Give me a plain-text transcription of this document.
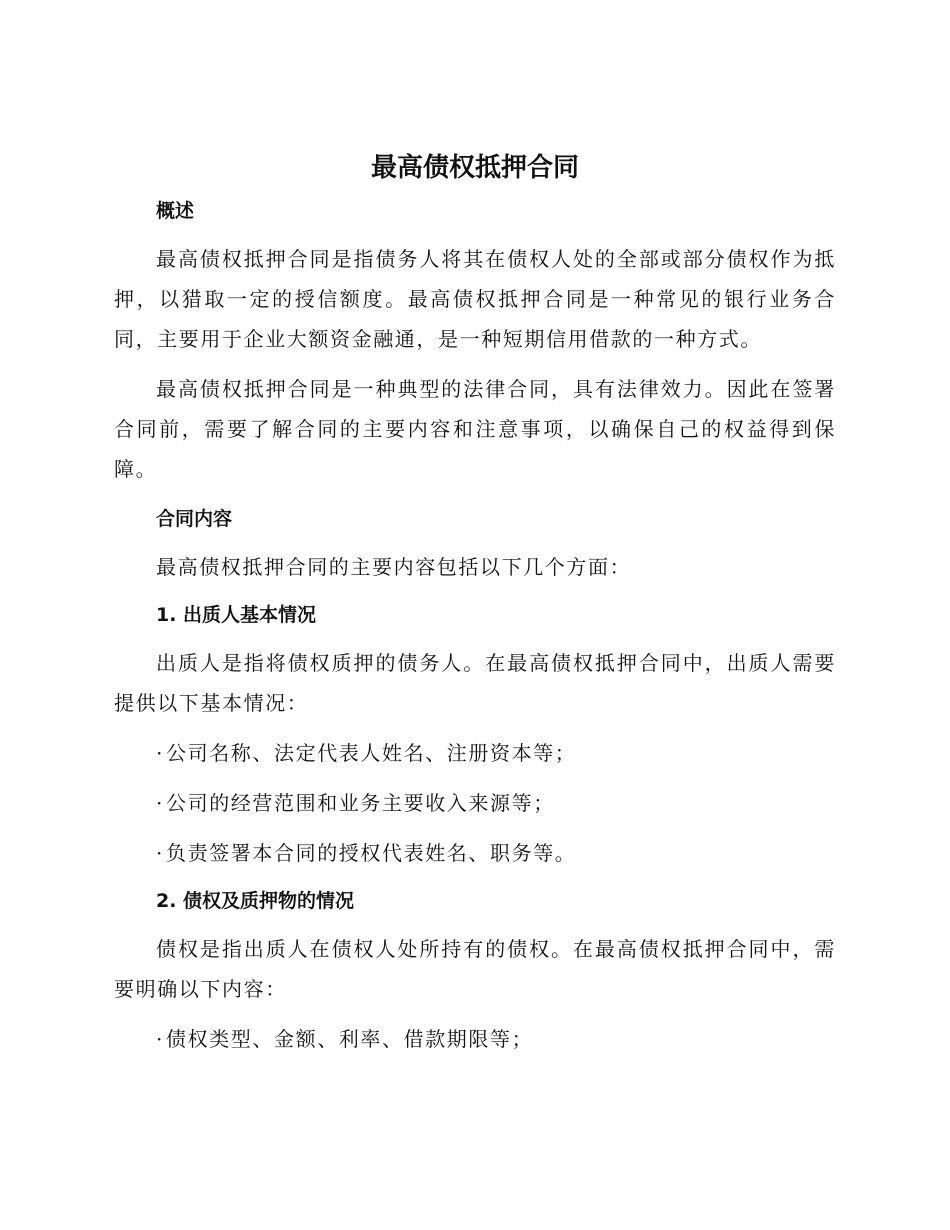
最高债权抵押合同

概述

最高债权抵押合同是指债务人将其在债权人处的全部或部分债权作为抵押，以猎取一定的授信额度。最高债权抵押合同是一种常见的银行业务合同，主要用于企业大额资金融通，是一种短期信用借款的一种方式。

最高债权抵押合同是一种典型的法律合同，具有法律效力。因此在签署合同前，需要了解合同的主要内容和注意事项，以确保自己的权益得到保障。

合同内容

最高债权抵押合同的主要内容包括以下几个方面：

1. 出质人基本情况

出质人是指将债权质押的债务人。在最高债权抵押合同中，出质人需要提供以下基本情况：

· 公司名称、法定代表人姓名、注册资本等；

· 公司的经营范围和业务主要收入来源等；

· 负责签署本合同的授权代表姓名、职务等。

2. 债权及质押物的情况

债权是指出质人在债权人处所持有的债权。在最高债权抵押合同中，需要明确以下内容：

· 债权类型、金额、利率、借款期限等；
